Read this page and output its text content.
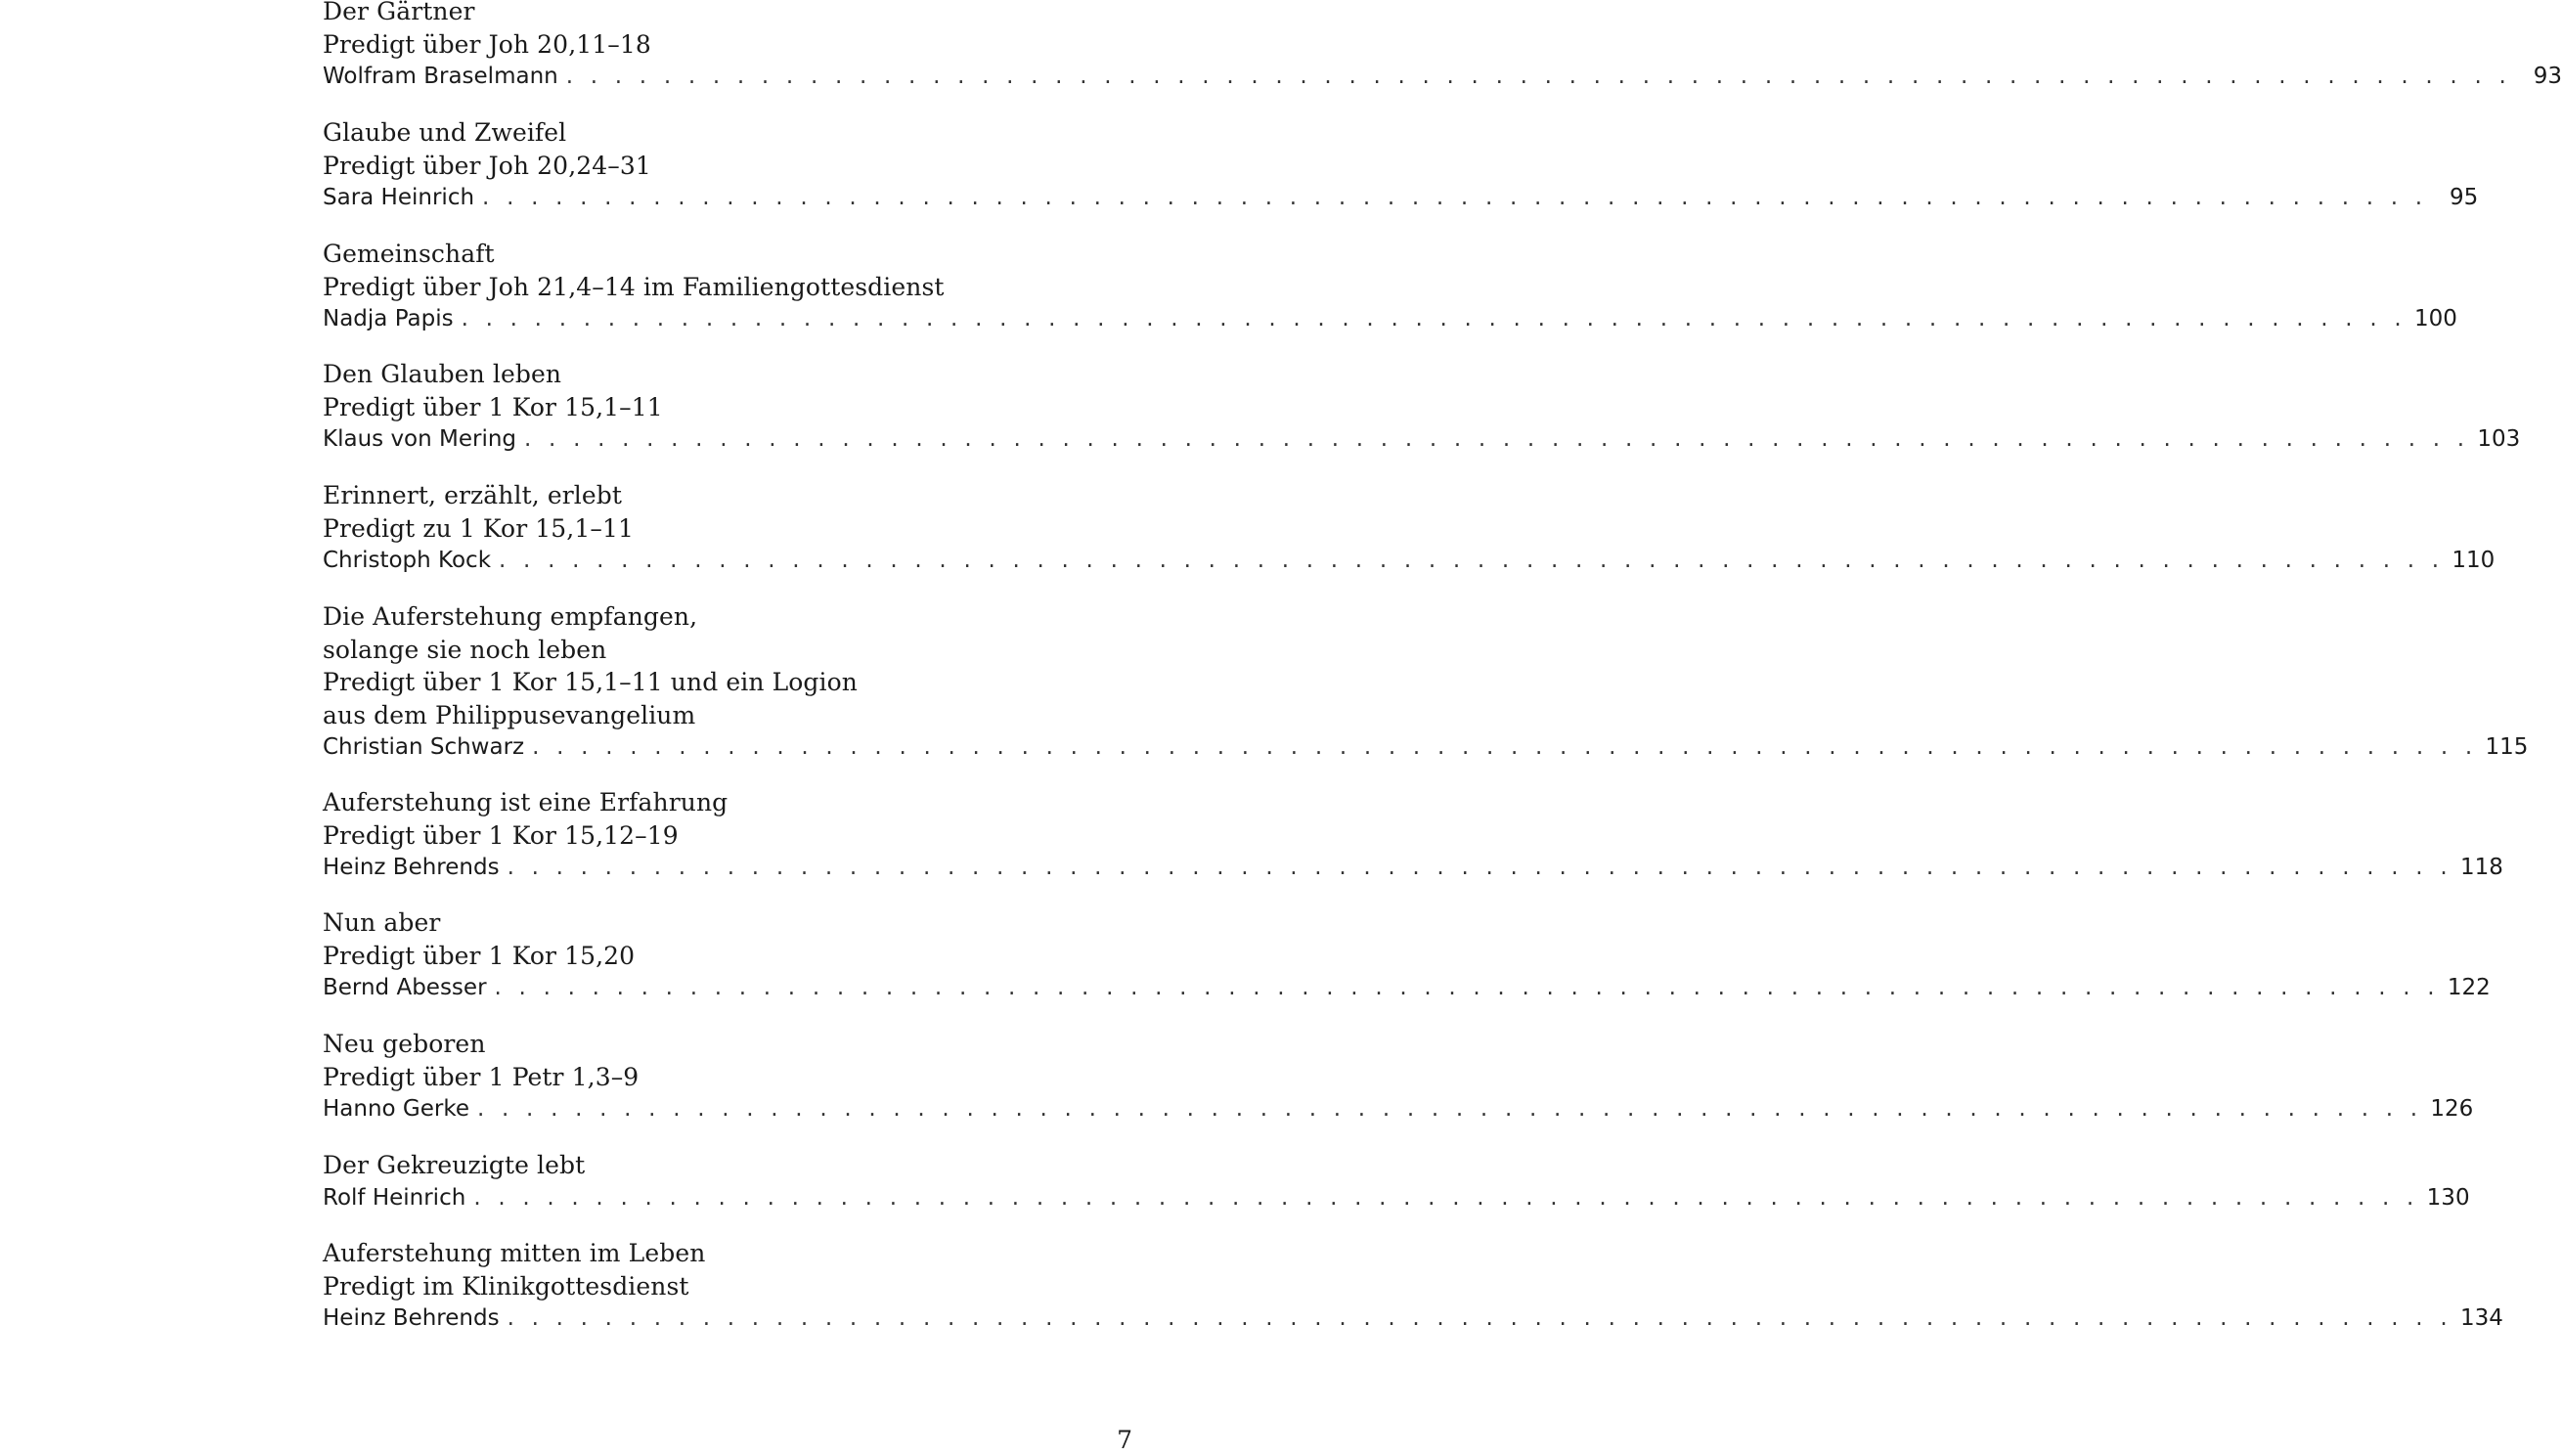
Der Gärtner
Predigt über Joh 20,11–18
Wolfram Braselmann . . . . . . . . . . . . . . . . . . . . . . . . . . . . . . . . . . . . . . . . . . . . . . . . . . . . . . . . . . . . . . . . . . . . . . . . . . . . . . . . 93
Glaube und Zweifel
Predigt über Joh 20,24–31
Sara Heinrich . . . . . . . . . . . . . . . . . . . . . . . . . . . . . . . . . . . . . . . . . . . . . . . . . . . . . . . . . . . . . . . . . . . . . . . . . . . . . . . . 95
Gemeinschaft
Predigt über Joh 21,4–14 im Familiengottesdienst
Nadja Papis . . . . . . . . . . . . . . . . . . . . . . . . . . . . . . . . . . . . . . . . . . . . . . . . . . . . . . . . . . . . . . . . . . . . . . . . . . . . . . . . 100
Den Glauben leben
Predigt über 1 Kor 15,1–11
Klaus von Mering . . . . . . . . . . . . . . . . . . . . . . . . . . . . . . . . . . . . . . . . . . . . . . . . . . . . . . . . . . . . . . . . . . . . . . . . . . . . . . . . 103
Erinnert, erzählt, erlebt
Predigt zu 1 Kor 15,1–11
Christoph Kock . . . . . . . . . . . . . . . . . . . . . . . . . . . . . . . . . . . . . . . . . . . . . . . . . . . . . . . . . . . . . . . . . . . . . . . . . . . . . . . . 110
Die Auferstehung empfangen,
solange sie noch leben
Predigt über 1 Kor 15,1–11 und ein Logion
aus dem Philippusevangelium
Christian Schwarz . . . . . . . . . . . . . . . . . . . . . . . . . . . . . . . . . . . . . . . . . . . . . . . . . . . . . . . . . . . . . . . . . . . . . . . . . . . . . . . . 115
Auferstehung ist eine Erfahrung
Predigt über 1 Kor 15,12–19
Heinz Behrends . . . . . . . . . . . . . . . . . . . . . . . . . . . . . . . . . . . . . . . . . . . . . . . . . . . . . . . . . . . . . . . . . . . . . . . . . . . . . . . . 118
Nun aber
Predigt über 1 Kor 15,20
Bernd Abesser . . . . . . . . . . . . . . . . . . . . . . . . . . . . . . . . . . . . . . . . . . . . . . . . . . . . . . . . . . . . . . . . . . . . . . . . . . . . . . . . 122
Neu geboren
Predigt über 1 Petr 1,3–9
Hanno Gerke . . . . . . . . . . . . . . . . . . . . . . . . . . . . . . . . . . . . . . . . . . . . . . . . . . . . . . . . . . . . . . . . . . . . . . . . . . . . . . . . 126
Der Gekreuzigte lebt
Rolf Heinrich . . . . . . . . . . . . . . . . . . . . . . . . . . . . . . . . . . . . . . . . . . . . . . . . . . . . . . . . . . . . . . . . . . . . . . . . . . . . . . . . 130
Auferstehung mitten im Leben
Predigt im Klinikgottesdienst
Heinz Behrends . . . . . . . . . . . . . . . . . . . . . . . . . . . . . . . . . . . . . . . . . . . . . . . . . . . . . . . . . . . . . . . . . . . . . . . . . . . . . . . . 134
7
